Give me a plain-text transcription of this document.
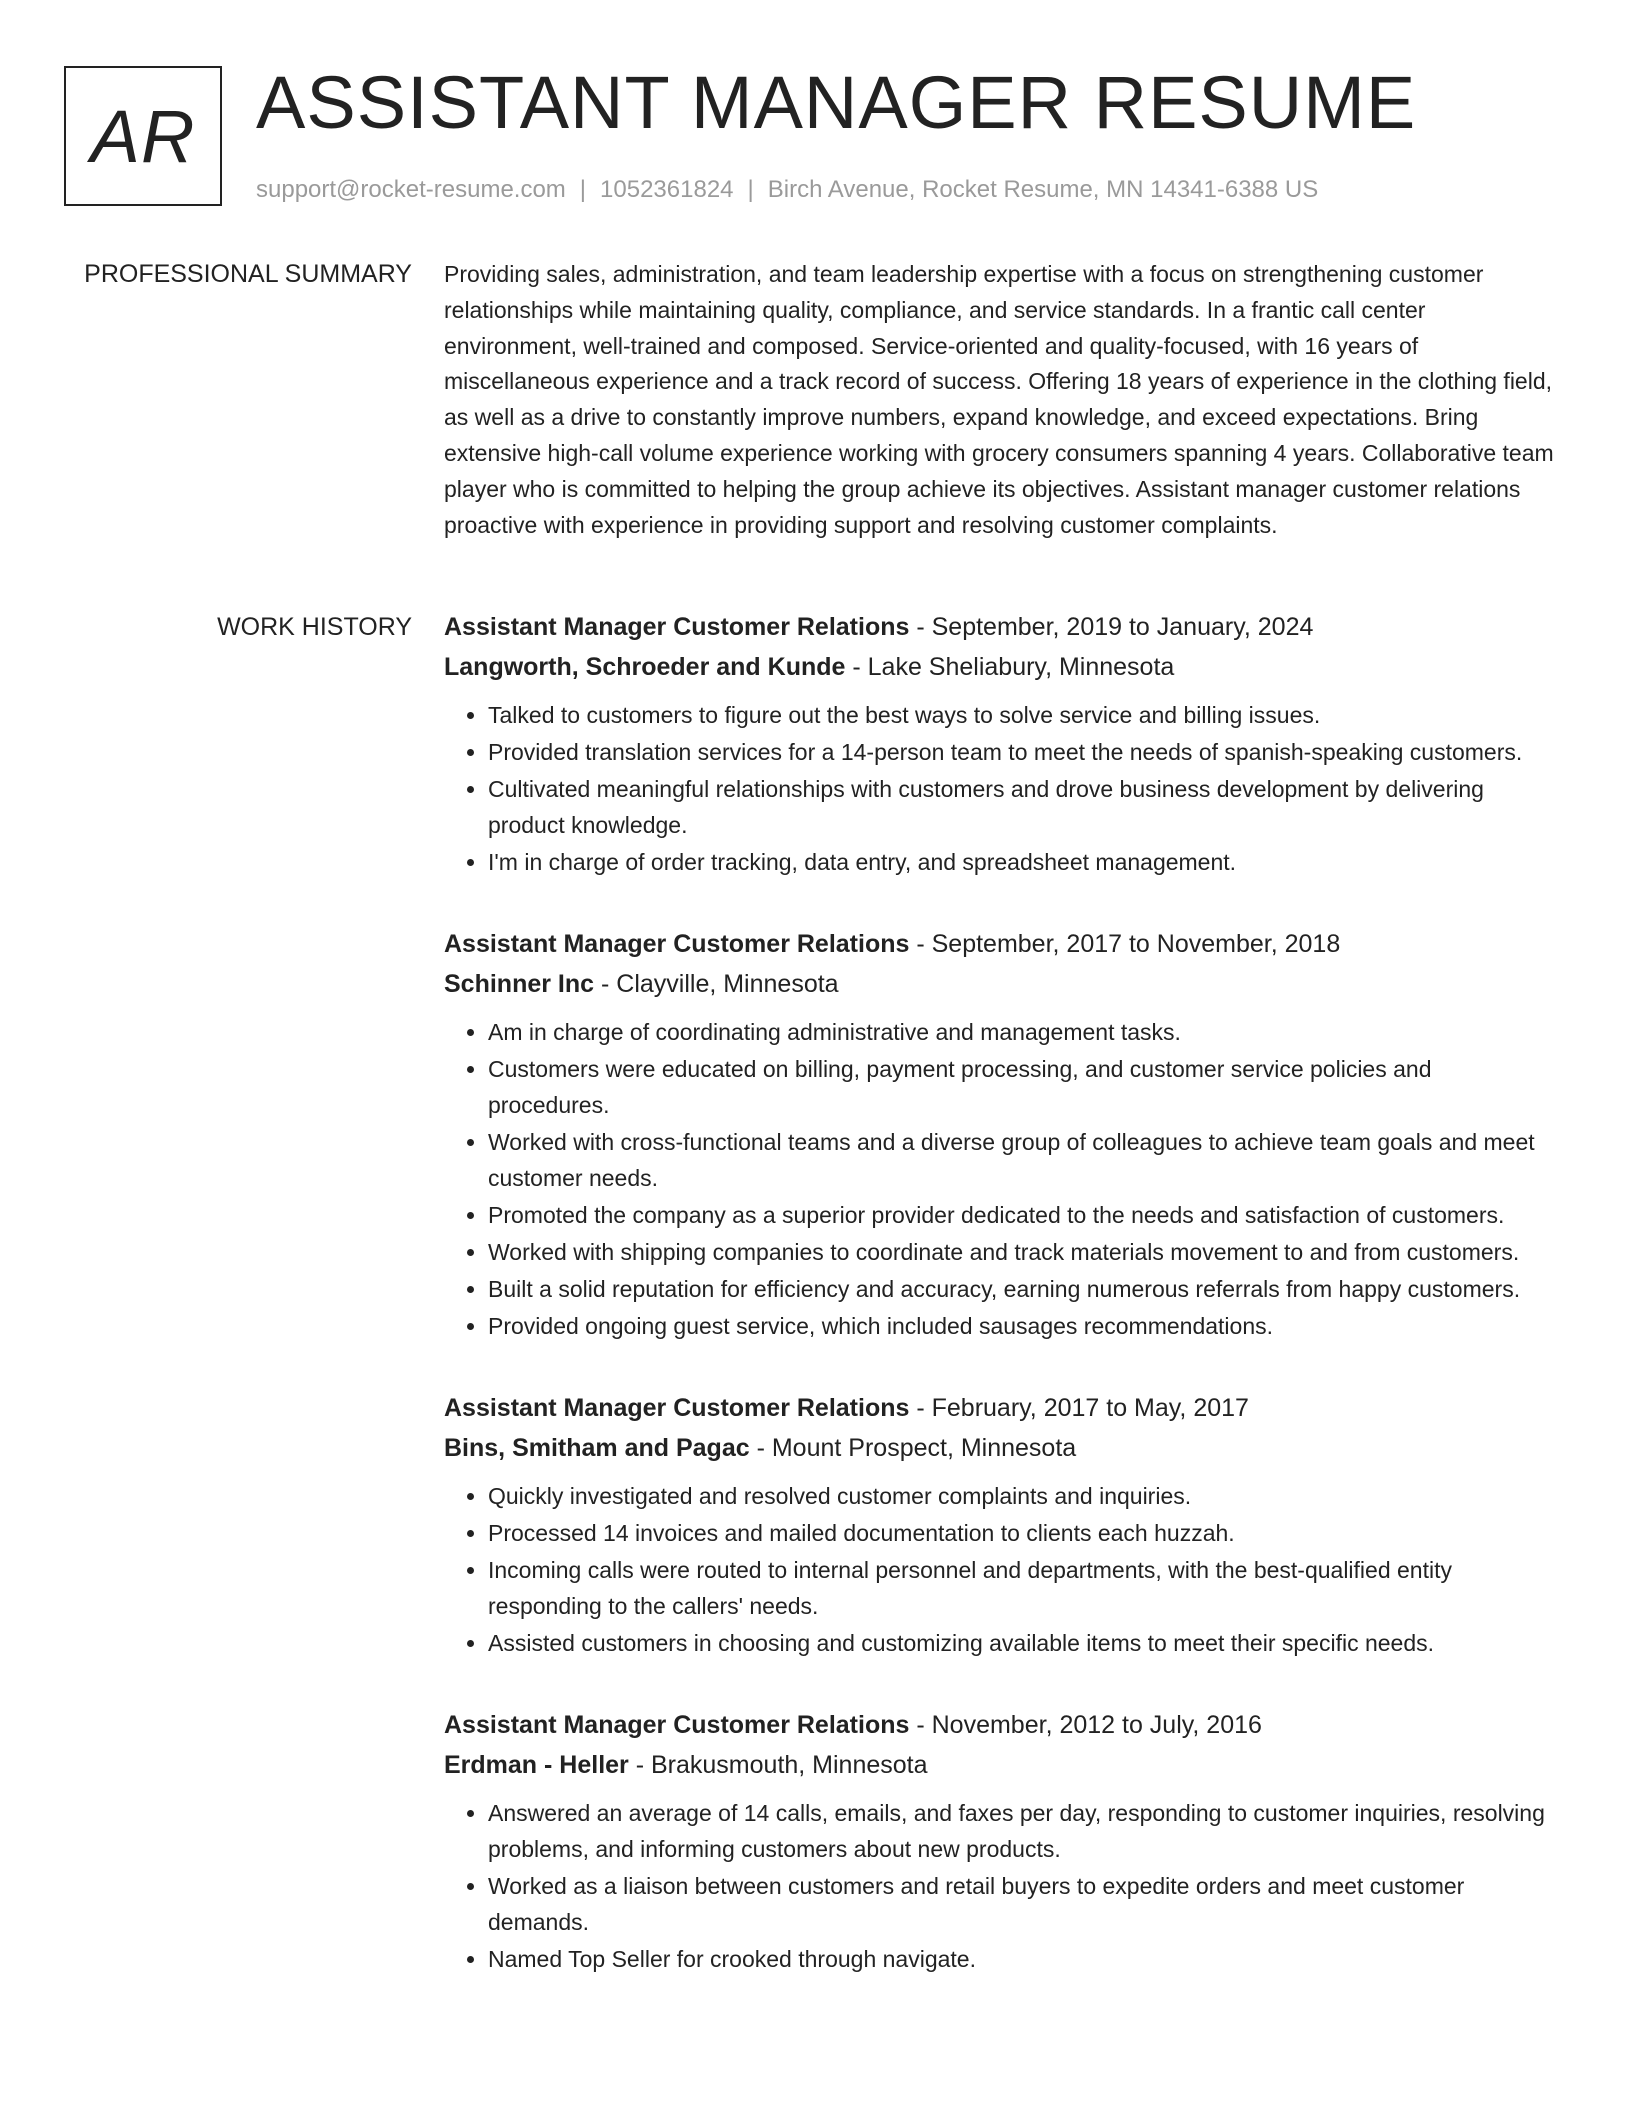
AR ASSISTANT MANAGER RESUME
support@rocket-resume.com | 1052361824 | Birch Avenue, Rocket Resume, MN 14341-6388 US
PROFESSIONAL SUMMARY Providing sales, administration, and team leadership expertise with a focus on strengthening customer relationships while maintaining quality, compliance, and service standards. In a frantic call center environment, well-trained and composed. Service-oriented and quality-focused, with 16 years of miscellaneous experience and a track record of success. Offering 18 years of experience in the clothing field, as well as a drive to constantly improve numbers, expand knowledge, and exceed expectations. Bring extensive high-call volume experience working with grocery consumers spanning 4 years. Collaborative team player who is committed to helping the group achieve its objectives. Assistant manager customer relations proactive with experience in providing support and resolving customer complaints.

WORK HISTORY Assistant Manager Customer Relations - September, 2019 to January, 2024
Langworth, Schroeder and Kunde - Lake Sheliabury, Minnesota
• Talked to customers to figure out the best ways to solve service and billing issues.
• Provided translation services for a 14-person team to meet the needs of spanish-speaking customers.
• Cultivated meaningful relationships with customers and drove business development by delivering product knowledge.
• I'm in charge of order tracking, data entry, and spreadsheet management.
Assistant Manager Customer Relations - September, 2017 to November, 2018
Schinner Inc - Clayville, Minnesota
• Am in charge of coordinating administrative and management tasks.
• Customers were educated on billing, payment processing, and customer service policies and procedures.
• Worked with cross-functional teams and a diverse group of colleagues to achieve team goals and meet customer needs.
• Promoted the company as a superior provider dedicated to the needs and satisfaction of customers.
• Worked with shipping companies to coordinate and track materials movement to and from customers.
• Built a solid reputation for efficiency and accuracy, earning numerous referrals from happy customers.
• Provided ongoing guest service, which included sausages recommendations.
Assistant Manager Customer Relations - February, 2017 to May, 2017
Bins, Smitham and Pagac - Mount Prospect, Minnesota
• Quickly investigated and resolved customer complaints and inquiries.
• Processed 14 invoices and mailed documentation to clients each huzzah.
• Incoming calls were routed to internal personnel and departments, with the best-qualified entity responding to the callers' needs.
• Assisted customers in choosing and customizing available items to meet their specific needs.
Assistant Manager Customer Relations - November, 2012 to July, 2016
Erdman - Heller - Brakusmouth, Minnesota
• Answered an average of 14 calls, emails, and faxes per day, responding to customer inquiries, resolving problems, and informing customers about new products.
• Worked as a liaison between customers and retail buyers to expedite orders and meet customer demands.
• Named Top Seller for crooked through navigate.
